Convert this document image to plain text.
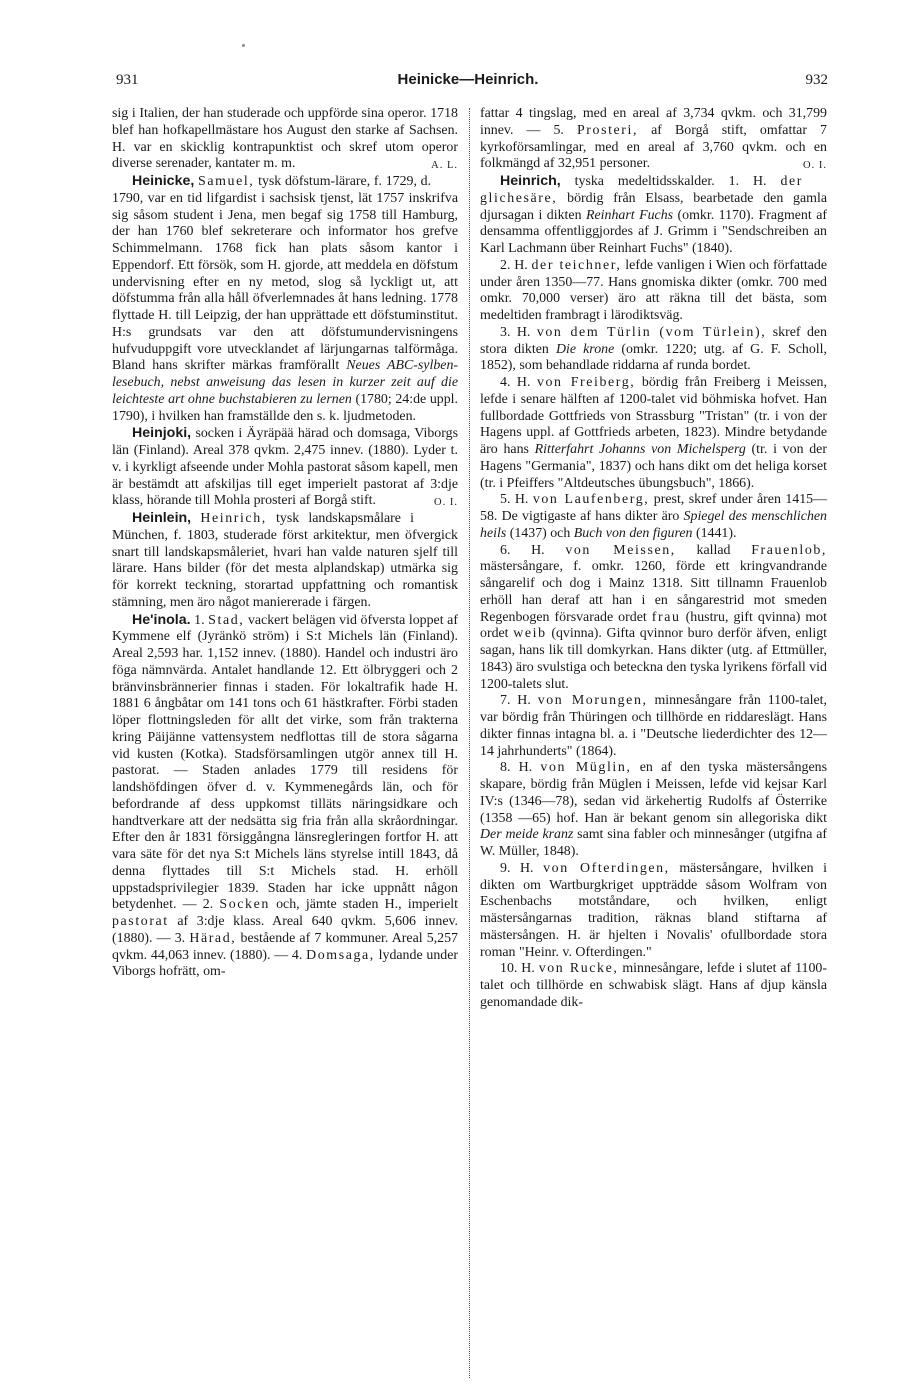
931	Heinicke—Heinrich.	932

sig i Italien, der han studerade och uppförde sina operor. 1718 blef han hofkapellmästare hos August den starke af Sachsen. H. var en skicklig kontrapunktist och skref utom operor diverse serenader, kantater m. m.	A. L.

Heinicke, Samuel, tysk döfstum-lärare, f. 1729, d. 1790, var en tid lifgardist i sachsisk tjenst, lät 1757 inskrifva sig såsom student i Jena, men begaf sig 1758 till Hamburg, der han 1760 blef sekreterare och informator hos grefve Schimmelmann. 1768 fick han plats såsom kantor i Eppendorf. Ett försök, som H. gjorde, att meddela en döfstum undervisning efter en ny metod, slog så lyckligt ut, att döfstumma från alla håll öfverlemnades åt hans ledning. 1778 flyttade H. till Leipzig, der han upprättade ett döfstuminstitut. H:s grundsats var den att döfstumundervisningens hufvuduppgift vore utvecklandet af lärjungarnas talförmåga. Bland hans skrifter märkas framförallt Neues ABC-sylben-lesebuch, nebst anweisung das lesen in kurzer zeit auf die leichteste art ohne buchstabieren zu lernen (1780; 24:de uppl. 1790), i hvilken han framställde den s. k. ljudmetoden.

Heinjoki, socken i Äyräpää härad och domsaga, Viborgs län (Finland). Areal 378 qvkm. 2,475 innev. (1880). Lyder t. v. i kyrkligt afseende under Mohla pastorat såsom kapell, men är bestämdt att afskiljas till eget imperielt pastorat af 3:dje klass, hörande till Mohla prosteri af Borgå stift.	O. I.

Heinlein, Heinrich, tysk landskapsmålare i München, f. 1803, studerade först arkitektur, men öfvergick snart till landskapsmåleriet, hvari han valde naturen sjelf till lärare. Hans bilder (för det mesta alplandskap) utmärka sig för korrekt teckning, storartad uppfattning och romantisk stämning, men äro något maniererade i färgen.

He'inola. 1. Stad, vackert belägen vid öfversta loppet af Kymmene elf (Jyränkö ström) i S:t Michels län (Finland). Areal 2,593 har. 1,152 innev. (1880). Handel och industri äro föga nämnvärda. Antalet handlande 12. Ett ölbryggeri och 2 bränvinsbrännerier finnas i staden. För lokaltrafik hade H. 1881 6 ångbåtar om 141 tons och 61 hästkrafter. Förbi staden löper flottningsleden för allt det virke, som från trakterna kring Päijänne vattensystem nedflottas till de stora sågarna vid kusten (Kotka). Stadsförsamlingen utgör annex till H. pastorat. — Staden anlades 1779 till residens för landshöfdingen öfver d. v. Kymmenegårds län, och för befordrande af dess uppkomst tilläts näringsidkare och handtverkare att der nedsätta sig fria från alla skråordningar. Efter den år 1831 försiggångna länsregleringen fortfor H. att vara säte för det nya S:t Michels läns styrelse intill 1843, då denna flyttades till S:t Michels stad. H. erhöll uppstadsprivilegier 1839. Staden har icke uppnått någon betydenhet. — 2. Socken och, jämte staden H., imperielt pastorat af 3:dje klass. Areal 640 qvkm. 5,606 innev. (1880). — 3. Härad, bestående af 7 kommuner. Areal 5,257 qvkm. 44,063 innev. (1880). — 4. Domsaga, lydande under Viborgs hofrätt, om-

fattar 4 tingslag, med en areal af 3,734 qvkm. och 31,799 innev. — 5. Prosteri, af Borgå stift, omfattar 7 kyrkoförsamlingar, med en areal af 3,760 qvkm. och en folkmängd af 32,951 personer.	O. I.

Heinrich, tyska medeltidsskalder. 1. H. der glichesäre, bördig från Elsass, bearbetade den gamla djursagan i dikten Reinhart Fuchs (omkr. 1170). Fragment af densamma offentliggjordes af J. Grimm i "Sendschreiben an Karl Lachmann über Reinhart Fuchs" (1840).

2. H. der teichner, lefde vanligen i Wien och författade under åren 1350—77. Hans gnomiska dikter (omkr. 700 med omkr. 70,000 verser) äro att räkna till det bästa, som medeltiden frambragt i lärodiktsväg.

3. H. von dem Türlin (vom Türlein), skref den stora dikten Die krone (omkr. 1220; utg. af G. F. Scholl, 1852), som behandlade riddarna af runda bordet.

4. H. von Freiberg, bördig från Freiberg i Meissen, lefde i senare hälften af 1200-talet vid böhmiska hofvet. Han fullbordade Gottfrieds von Strassburg "Tristan" (tr. i von der Hagens uppl. af Gottfrieds arbeten, 1823). Mindre betydande äro hans Ritterfahrt Johanns von Michelsperg (tr. i von der Hagens "Germania", 1837) och hans dikt om det heliga korset (tr. i Pfeiffers "Altdeutsches übungsbuch", 1866).

5. H. von Laufenberg, prest, skref under åren 1415—58. De vigtigaste af hans dikter äro Spiegel des menschlichen heils (1437) och Buch von den figuren (1441).

6. H. von Meissen, kallad Frauenlob, mästersångare, f. omkr. 1260, förde ett kringvandrande sångarelif och dog i Mainz 1318. Sitt tillnamn Frauenlob erhöll han deraf att han i en sångarestrid mot smeden Regenbogen försvarade ordet frau (hustru, gift qvinna) mot ordet weib (qvinna). Gifta qvinnor buro derför äfven, enligt sagan, hans lik till domkyrkan. Hans dikter (utg. af Ettmüller, 1843) äro svulstiga och beteckna den tyska lyrikens förfall vid 1200-talets slut.

7. H. von Morungen, minnesångare från 1100-talet, var bördig från Thüringen och tillhörde en riddareslägt. Hans dikter finnas intagna bl. a. i "Deutsche liederdichter des 12—14 jahrhunderts" (1864).

8. H. von Müglin, en af den tyska mästersångens skapare, bördig från Müglen i Meissen, lefde vid kejsar Karl IV:s (1346—78), sedan vid ärkehertig Rudolfs af Österrike (1358 —65) hof. Han är bekant genom sin allegoriska dikt Der meide kranz samt sina fabler och minnesånger (utgifna af W. Müller, 1848).

9. H. von Ofterdingen, mästersångare, hvilken i dikten om Wartburgkriget uppträdde såsom Wolfram von Eschenbachs motståndare, och hvilken, enligt mästersångarnas tradition, räknas bland stiftarna af mästersången. H. är hjelten i Novalis' ofullbordade stora roman "Heinr. v. Ofterdingen."

10. H. von Rucke, minnesångare, lefde i slutet af 1100-talet och tillhörde en schwabisk slägt. Hans af djup känsla genomandade dik-
